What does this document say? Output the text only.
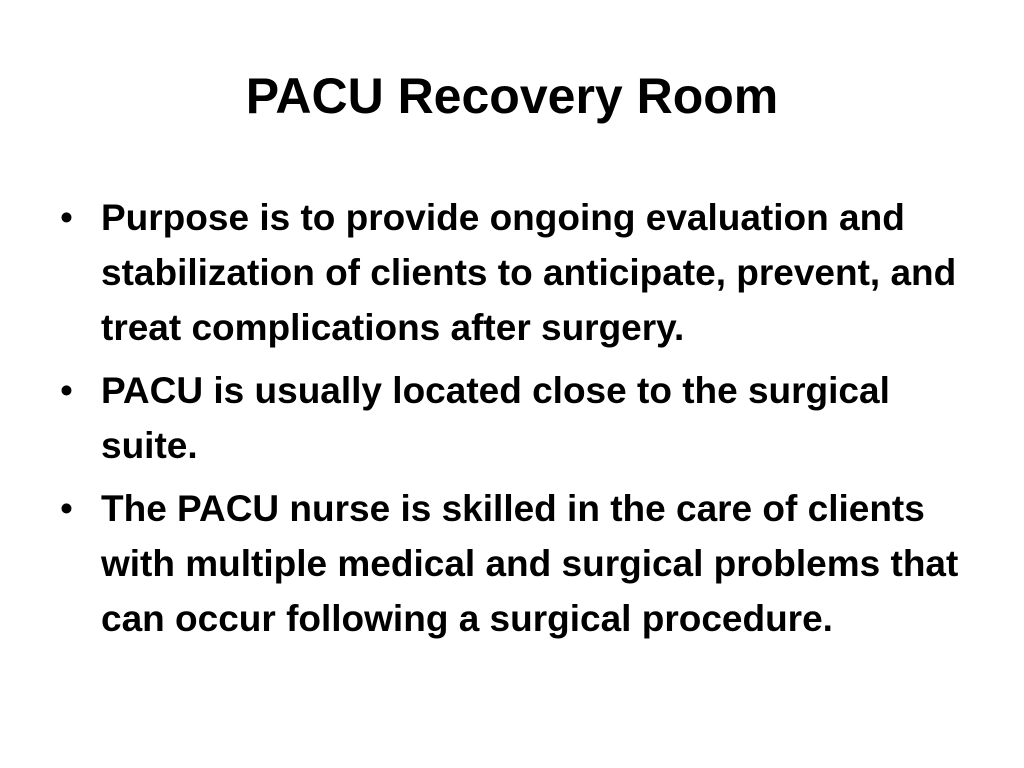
PACU Recovery Room
• Purpose is to provide ongoing evaluation and stabilization of clients to anticipate, prevent, and treat complications after surgery.
• PACU is usually located close to the surgical suite.
• The PACU nurse is skilled in the care of clients with multiple medical and surgical problems that can occur following a surgical procedure.
